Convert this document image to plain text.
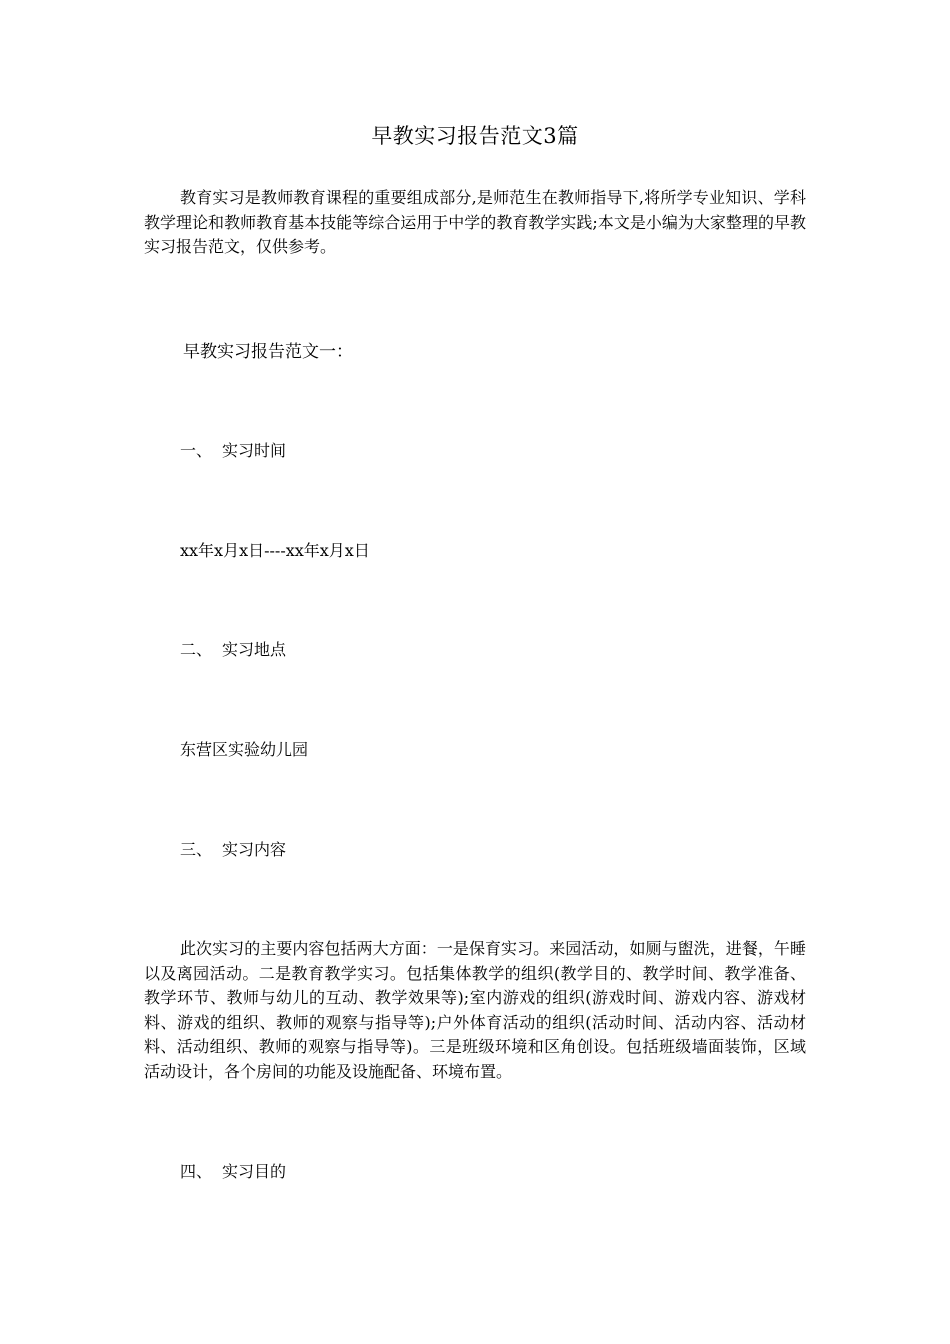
早教实习报告范文3篇

教育实习是教师教育课程的重要组成部分,是师范生在教师指导下,将所学专业知识、学科教学理论和教师教育基本技能等综合运用于中学的教育教学实践;本文是小编为大家整理的早教实习报告范文，仅供参考。

早教实习报告范文一：
一、 实习时间
xx年x月x日----xx年x月x日
二、 实习地点
东营区实验幼儿园
三、 实习内容

此次实习的主要内容包括两大方面：一是保育实习。来园活动，如厕与盥洗，进餐，午睡以及离园活动。二是教育教学实习。包括集体教学的组织(教学目的、教学时间、教学准备、教学环节、教师与幼儿的互动、教学效果等);室内游戏的组织(游戏时间、游戏内容、游戏材料、游戏的组织、教师的观察与指导等);户外体育活动的组织(活动时间、活动内容、活动材料、活动组织、教师的观察与指导等)。三是班级环境和区角创设。包括班级墙面装饰，区域活动设计，各个房间的功能及设施配备、环境布置。

四、 实习目的
